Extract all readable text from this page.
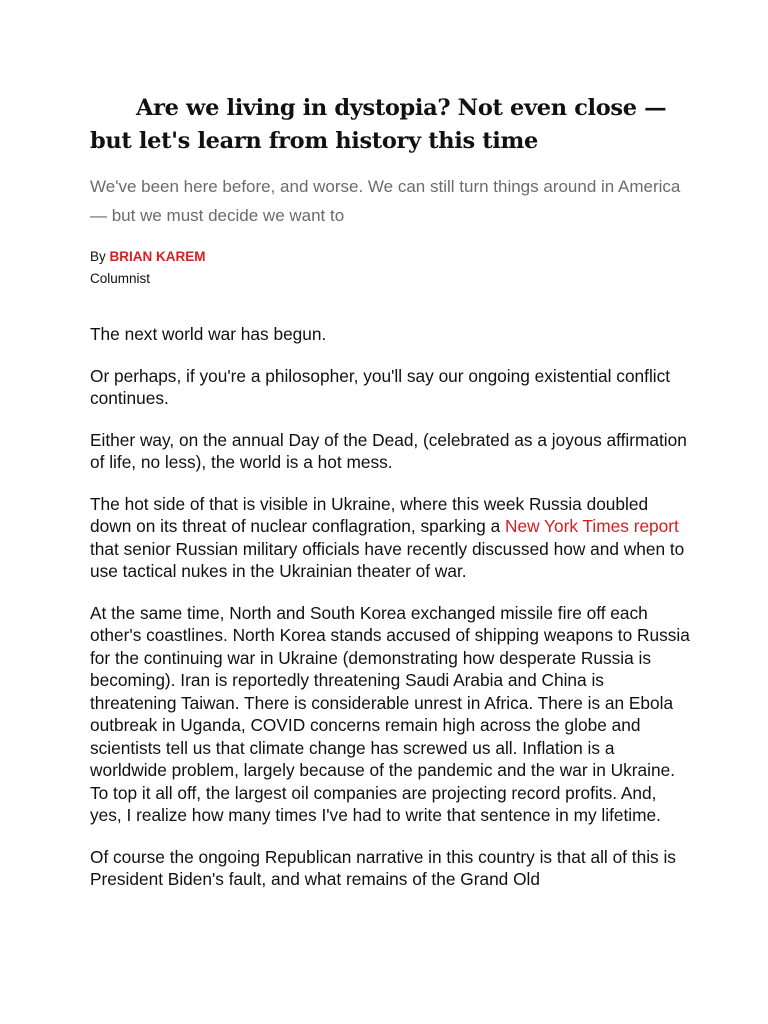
Are we living in dystopia? Not even close — but let's learn from history this time

We've been here before, and worse. We can still turn things around in America — but we must decide we want to

By BRIAN KAREM
Columnist

The next world war has begun.

Or perhaps, if you're a philosopher, you'll say our ongoing existential conflict continues.

Either way, on the annual Day of the Dead, (celebrated as a joyous affirmation of life, no less), the world is a hot mess.

The hot side of that is visible in Ukraine, where this week Russia doubled down on its threat of nuclear conflagration, sparking a New York Times report that senior Russian military officials have recently discussed how and when to use tactical nukes in the Ukrainian theater of war.

At the same time, North and South Korea exchanged missile fire off each other's coastlines. North Korea stands accused of shipping weapons to Russia for the continuing war in Ukraine (demonstrating how desperate Russia is becoming). Iran is reportedly threatening Saudi Arabia and China is threatening Taiwan. There is considerable unrest in Africa. There is an Ebola outbreak in Uganda, COVID concerns remain high across the globe and scientists tell us that climate change has screwed us all. Inflation is a worldwide problem, largely because of the pandemic and the war in Ukraine. To top it all off, the largest oil companies are projecting record profits. And, yes, I realize how many times I've had to write that sentence in my lifetime.

Of course the ongoing Republican narrative in this country is that all of this is President Biden's fault, and what remains of the Grand Old
